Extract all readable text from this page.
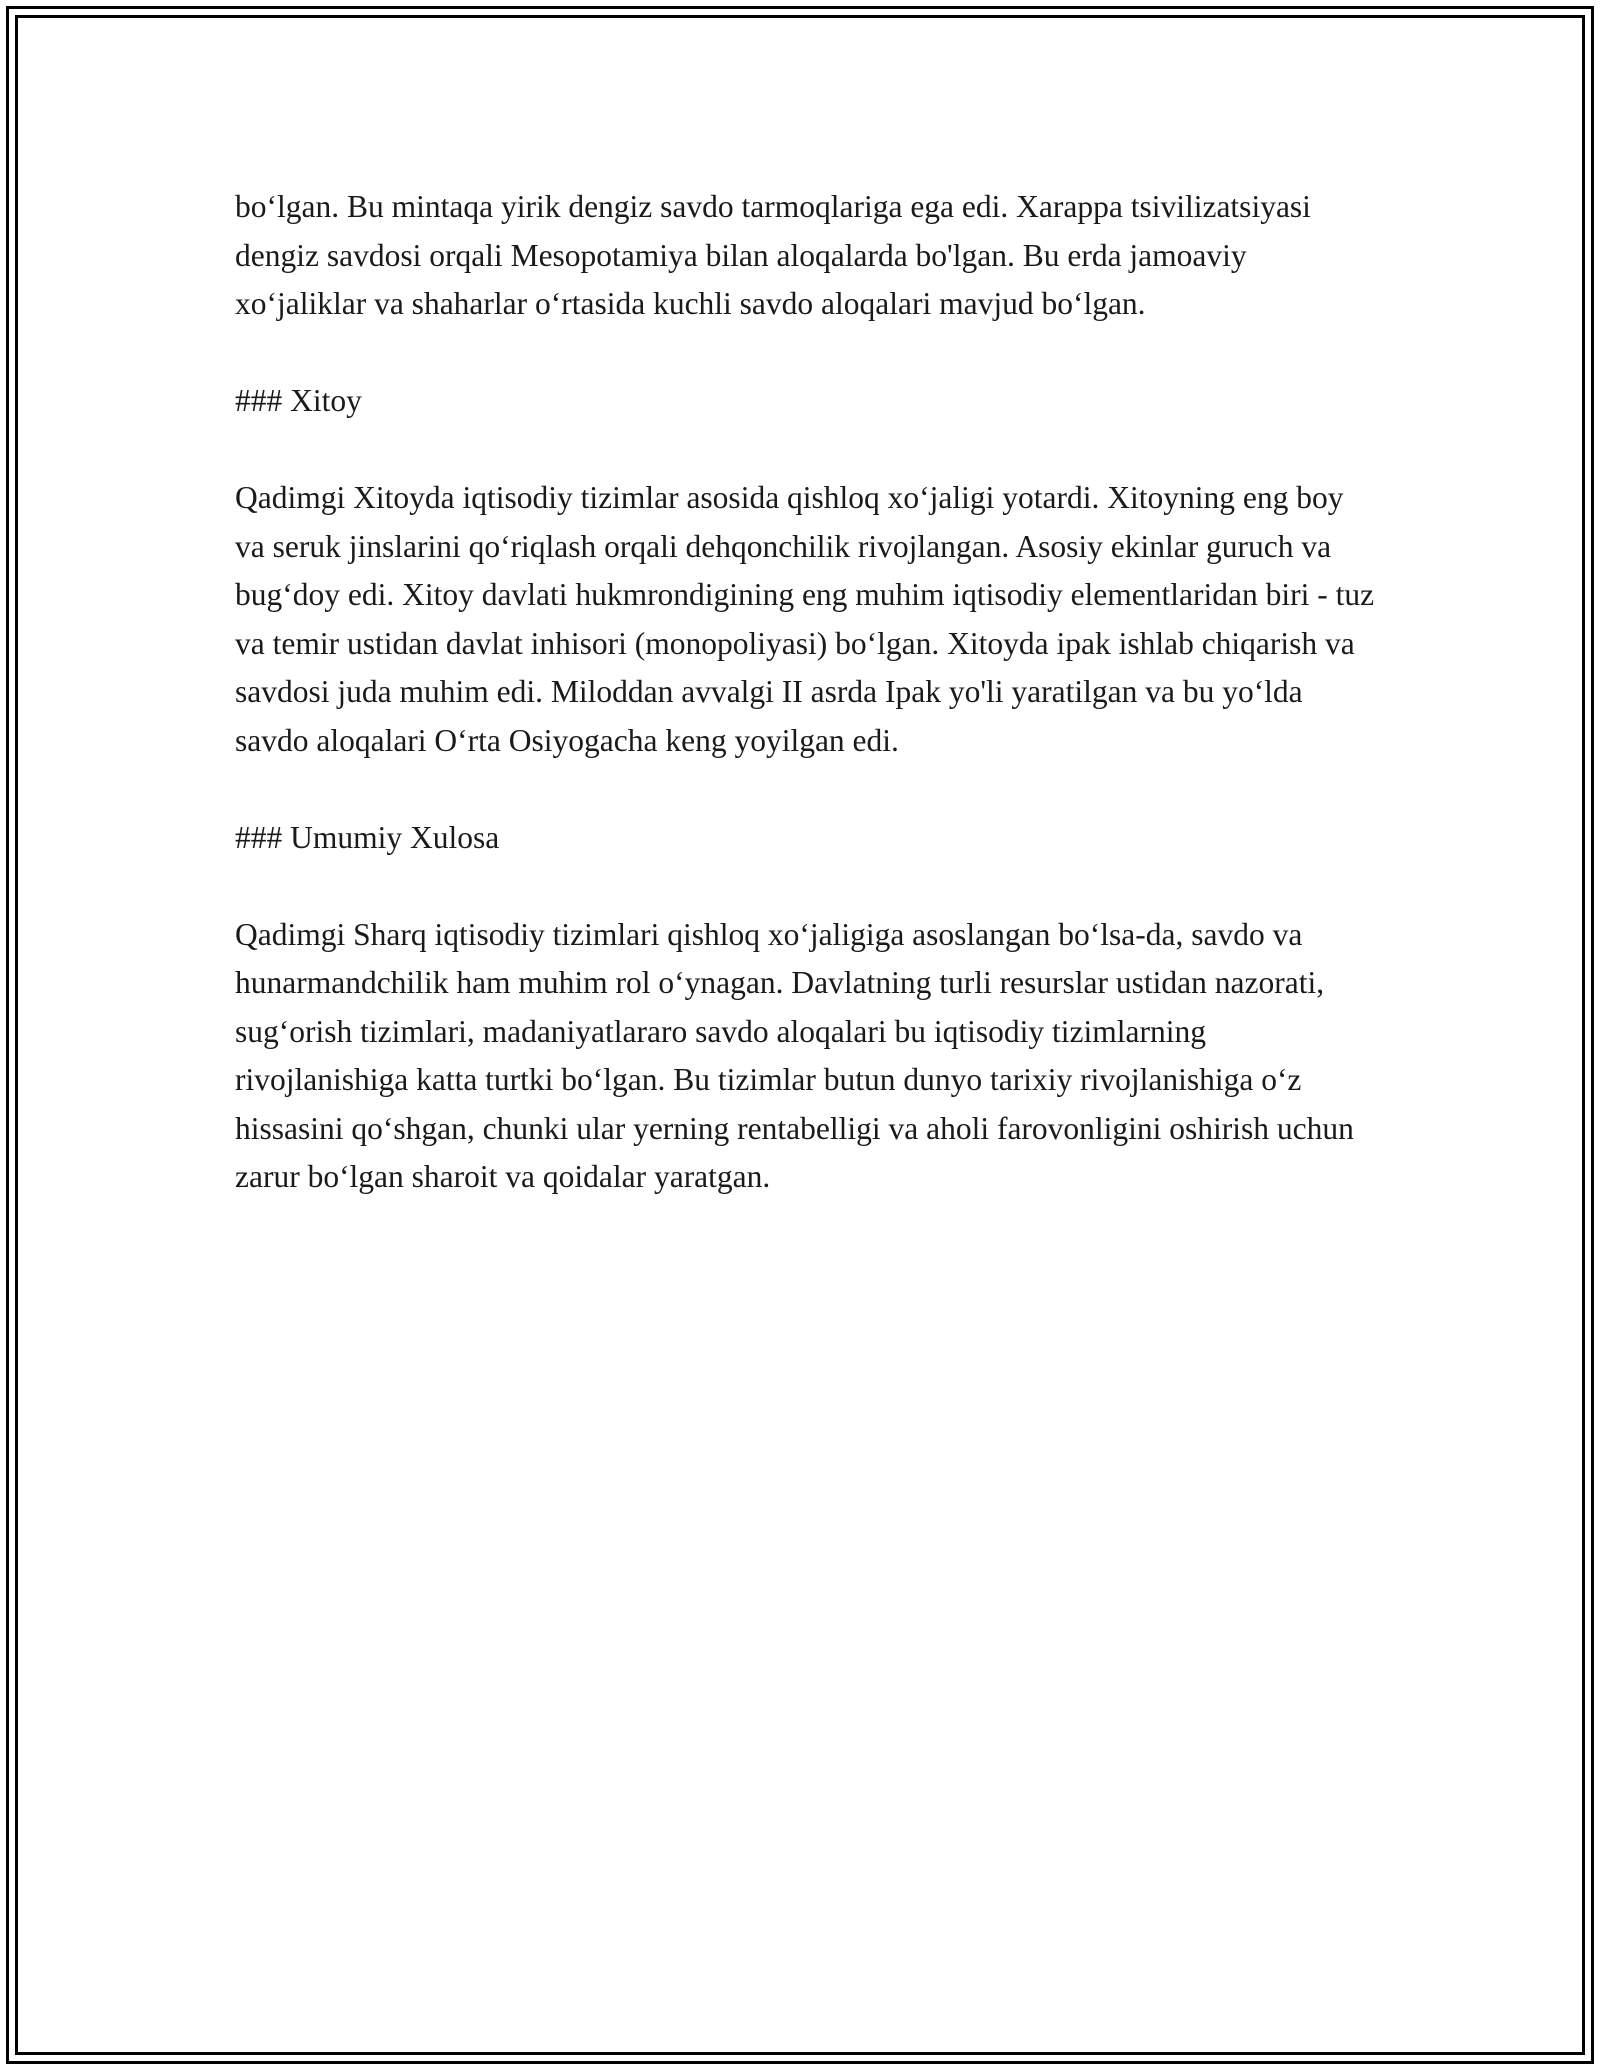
bo‘lgan. Bu mintaqa yirik dengiz savdo tarmoqlariga ega edi. Xarappa tsivilizatsiyasi dengiz savdosi orqali Mesopotamiya bilan aloqalarda bo'lgan. Bu erda jamoaviy xo‘jaliklar va shaharlar o‘rtasida kuchli savdo aloqalari mavjud bo‘lgan.

### Xitoy

Qadimgi Xitoyda iqtisodiy tizimlar asosida qishloq xo‘jaligi yotardi. Xitoyning eng boy va seruk jinslarini qo‘riqlash orqali dehqonchilik rivojlangan. Asosiy ekinlar guruch va bug‘doy edi. Xitoy davlati hukmrondigining eng muhim iqtisodiy elementlaridan biri - tuz va temir ustidan davlat inhisori (monopoliyasi) bo‘lgan. Xitoyda ipak ishlab chiqarish va savdosi juda muhim edi. Miloddan avvalgi II asrda Ipak yo'li yaratilgan va bu yo‘lda savdo aloqalari O‘rta Osiyogacha keng yoyilgan edi.

### Umumiy Xulosa

Qadimgi Sharq iqtisodiy tizimlari qishloq xo‘jaligiga asoslangan bo‘lsa-da, savdo va hunarmandchilik ham muhim rol o‘ynagan. Davlatning turli resurslar ustidan nazorati, sug‘orish tizimlari, madaniyatlararo savdo aloqalari bu iqtisodiy tizimlarning rivojlanishiga katta turtki bo‘lgan. Bu tizimlar butun dunyo tarixiy rivojlanishiga o‘z hissasini qo‘shgan, chunki ular yerning rentabelligi va aholi farovonligini oshirish uchun zarur bo‘lgan sharoit va qoidalar yaratgan.
